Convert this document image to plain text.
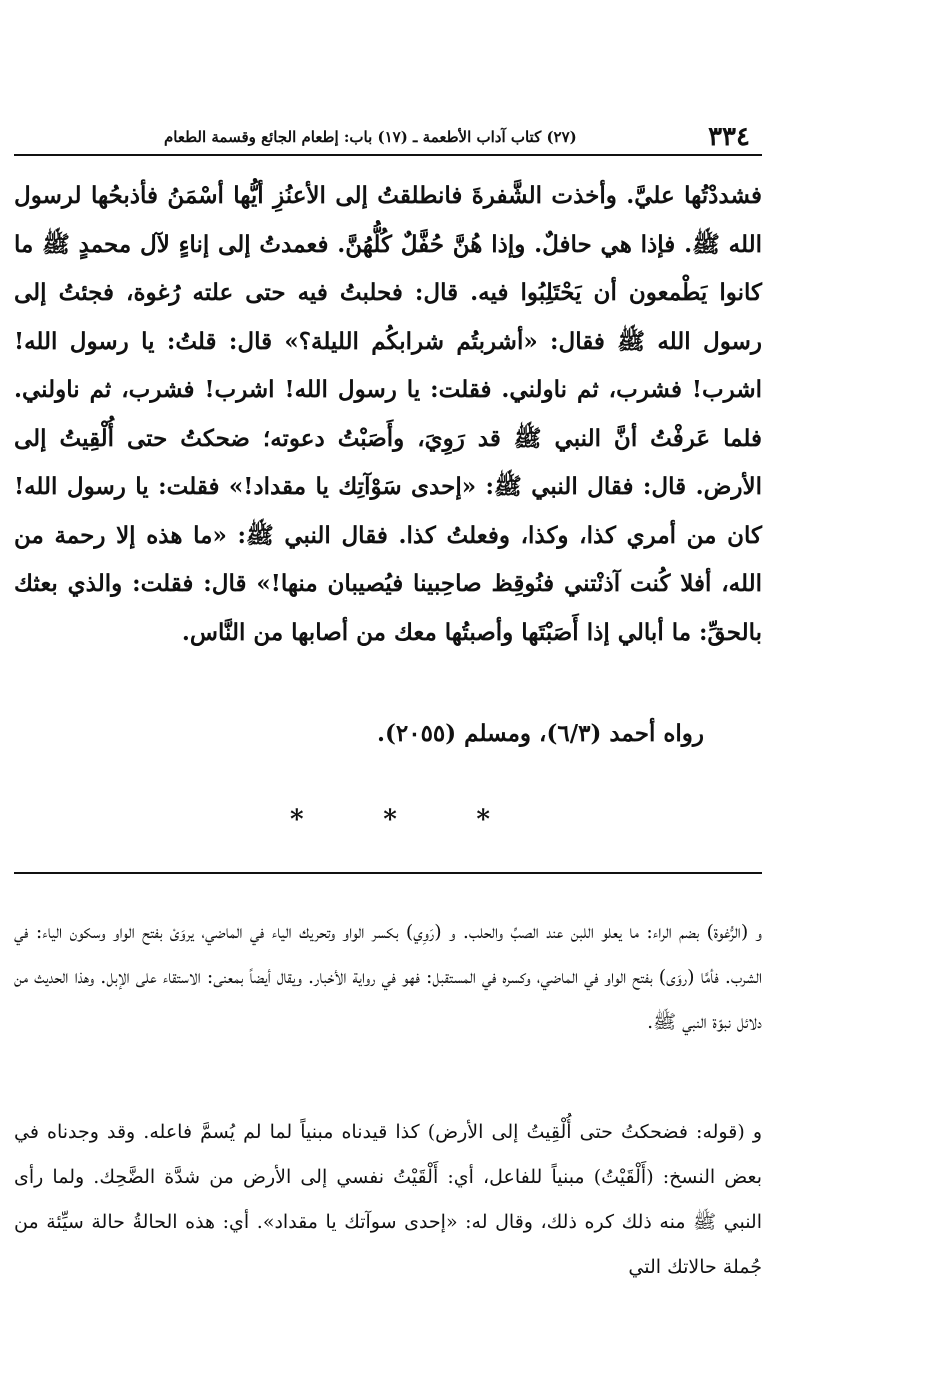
٣٣٤
(٢٧) كتاب آداب الأطعمة ـ (١٧) باب: إطعام الجائع وقسمة الطعام

فشددْتُها عليَّ. وأخذت الشَّفرةَ فانطلقتُ إلى الأعنُزِ أيُّها أسْمَنُ فأذبحُها لرسول الله ﷺ. فإذا هي حافلٌ. وإذا هُنَّ حُفَّلٌ كُلُّهُنَّ. فعمدتُ إلى إناءٍ لآل محمدٍ ﷺ ما كانوا يَطْمعون أن يَحْتَلِبُوا فيه. قال: فحلبتُ فيه حتى علته رُغوة، فجئتُ إلى رسول الله ﷺ فقال: «أشربتُم شرابكُم الليلة؟» قال: قلتُ: يا رسول الله! اشرب! فشرب، ثم ناولني. فقلت: يا رسول الله! اشرب! فشرب، ثم ناولني. فلما عَرفْتُ أنَّ النبي ﷺ قد رَوِيَ، وأَصَبْتُ دعوته؛ ضحكتُ حتى أُلْقِيتُ إلى الأرض. قال: فقال النبي ﷺ: «إحدى سَوْآتِك يا مقداد!» فقلت: يا رسول الله! كان من أمري كذا، وكذا، وفعلتُ كذا. فقال النبي ﷺ: «ما هذه إلا رحمة من الله، أفلا كُنت آذنْتني فنُوقِظ صاحِبينا فيُصيبان منها!» قال: فقلت: والذي بعثك بالحقِّ: ما أبالي إذا أَصَبْتَها وأصبتُها معك من أصابها من النَّاس.

رواه أحمد (٦/٣)، ومسلم (٢٠٥٥).

*	*	*

و (الرُّغوة) بضم الراء: ما يعلو اللبن عند الصبِّ والحلب. و (رَوِي) بكسر الواو وتحريك الياء في الماضي، يروَىْ بفتح الواو وسكون الياء: في الشرب. فأمَّا (روَى) بفتح الواو في الماضي، وكسره في المستقبل: فهو في رواية الأخبار. ويقال أيضاً بمعنى: الاستقاء على الإبل. وهذا الحديث من دلائل نبوّة النبي ﷺ.

و (قوله: فضحكتُ حتى أُلْقِيتُ إلى الأرض) كذا قيدناه مبنياً لما لم يُسمَّ فاعله. وقد وجدناه في بعض النسخ: (أَلْقَيْتُ) مبنياً للفاعل، أي: أَلْقَيْتُ نفسي إلى الأرض من شدَّة الضَّحِك. ولما رأى النبي ﷺ منه ذلك كره ذلك، وقال له: «إحدى سوآتك يا مقداد». أي: هذه الحالةُ حالة سيِّئة من جُملة حالاتك التي
